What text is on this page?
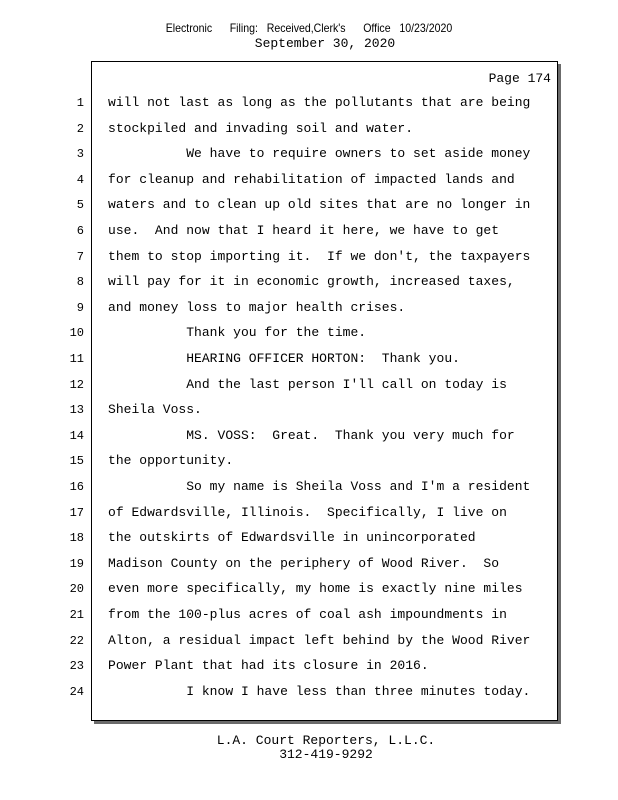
Electronic      Filing:   Received,Clerk's      Office   10/23/2020
September 30, 2020
Page 174
1 will not last as long as the pollutants that are being
2 stockpiled and invading soil and water.
3 We have to require owners to set aside money
4 for cleanup and rehabilitation of impacted lands and
5 waters and to clean up old sites that are no longer in
6 use.  And now that I heard it here, we have to get
7 them to stop importing it.  If we don't, the taxpayers
8 will pay for it in economic growth, increased taxes,
9 and money loss to major health crises.
10 Thank you for the time.
11 HEARING OFFICER HORTON:  Thank you.
12 And the last person I'll call on today is
13 Sheila Voss.
14 MS. VOSS:  Great.  Thank you very much for
15 the opportunity.
16 So my name is Sheila Voss and I'm a resident
17 of Edwardsville, Illinois.  Specifically, I live on
18 the outskirts of Edwardsville in unincorporated
19 Madison County on the periphery of Wood River.  So
20 even more specifically, my home is exactly nine miles
21 from the 100-plus acres of coal ash impoundments in
22 Alton, a residual impact left behind by the Wood River
23 Power Plant that had its closure in 2016.
24 I know I have less than three minutes today.
L.A. Court Reporters, L.L.C.
312-419-9292
